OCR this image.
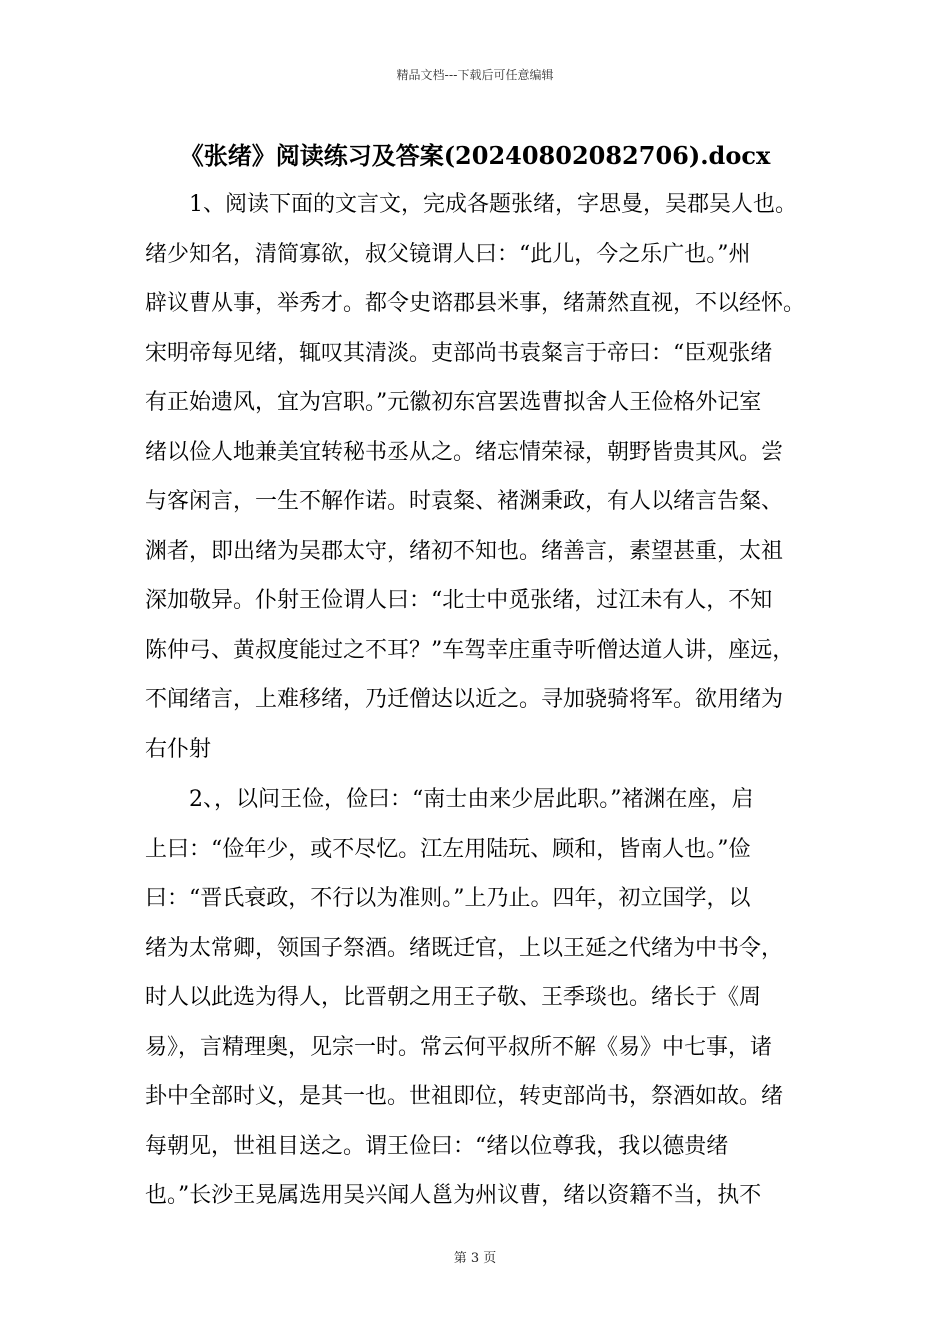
精品文档---下载后可任意编辑
《张绪》阅读练习及答案(20240802082706).docx
1、阅读下面的文言文，完成各题张绪，字思曼，吴郡吴人也。
绪少知名，清简寡欲，叔父镜谓人曰：“此儿，今之乐广也。”州
辟议曹从事，举秀才。都令史谘郡县米事，绪萧然直视，不以经怀。
宋明帝每见绪，辄叹其清淡。吏部尚书袁粲言于帝曰：“臣观张绪
有正始遗风，宜为宫职。”元徽初东宫罢选曹拟舍人王俭格外记室
绪以俭人地兼美宜转秘书丞从之。绪忘情荣禄，朝野皆贵其风。尝
与客闲言，一生不解作诺。时袁粲、褚渊秉政，有人以绪言告粲、
渊者，即出绪为吴郡太守，绪初不知也。绪善言，素望甚重，太祖
深加敬异。仆射王俭谓人曰：“北士中觅张绪，过江未有人，不知
陈仲弓、黄叔度能过之不耳？”车驾幸庄重寺听僧达道人讲，座远，
不闻绪言，上难移绪，乃迁僧达以近之。寻加骁骑将军。欲用绪为
右仆射
2、，以问王俭，俭曰：“南士由来少居此职。”褚渊在座，启
上曰：“俭年少，或不尽忆。江左用陆玩、顾和，皆南人也。”俭
曰：“晋氏衰政，不行以为准则。”上乃止。四年，初立国学，以
绪为太常卿，领国子祭酒。绪既迁官，上以王延之代绪为中书令，
时人以此选为得人，比晋朝之用王子敬、王季琰也。绪长于《周
易》，言精理奥，见宗一时。常云何平叔所不解《易》中七事，诸
卦中全部时义，是其一也。世祖即位，转吏部尚书，祭酒如故。绪
每朝见，世祖目送之。谓王俭曰：“绪以位尊我，我以德贵绪
也。”长沙王晃属选用吴兴闻人邕为州议曹，绪以资籍不当，执不
第 3 页
